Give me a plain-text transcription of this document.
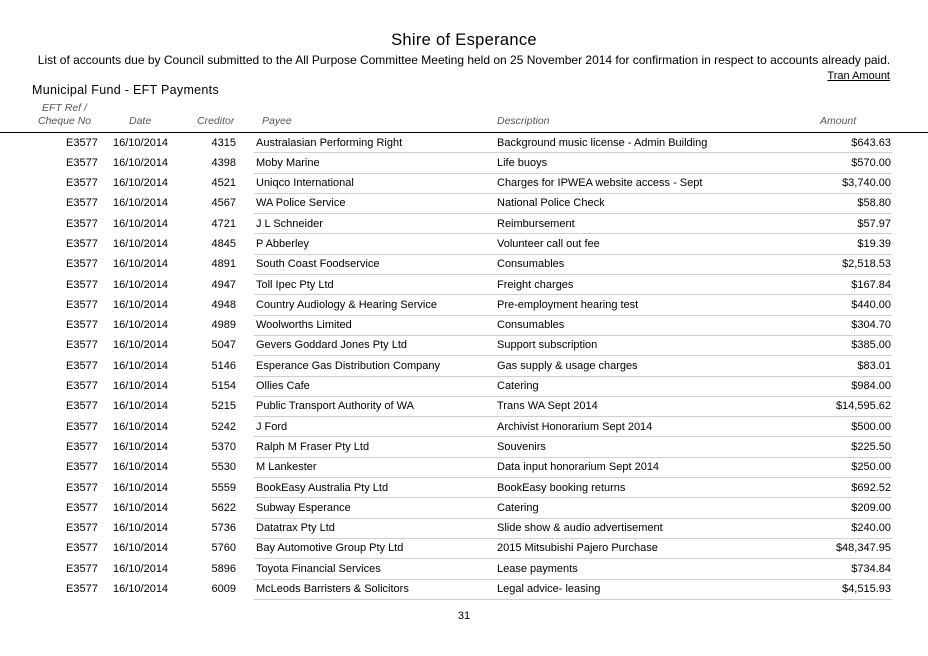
Shire of Esperance
List of accounts due by Council submitted to the All Purpose Committee Meeting held on 25 November 2014 for confirmation in respect to accounts already paid.
Tran Amount
Municipal Fund - EFT Payments
EFT Ref /
Cheque No	Date	Creditor	Payee	Description	Amount
E3577 16/10/2014	4315 Australasian Performing Right	Background music license - Admin Building	$643.63
E3577 16/10/2014	4398 Moby Marine	Life buoys	$570.00
E3577 16/10/2014	4521 Uniqco International	Charges for IPWEA website access - Sept	$3,740.00
E3577 16/10/2014	4567 WA Police Service	National Police Check	$58.80
E3577 16/10/2014	4721 J L Schneider	Reimbursement	$57.97
E3577 16/10/2014	4845 P Abberley	Volunteer call out fee	$19.39
E3577 16/10/2014	4891 South Coast Foodservice	Consumables	$2,518.53
E3577 16/10/2014	4947 Toll Ipec Pty Ltd	Freight charges	$167.84
E3577 16/10/2014	4948 Country Audiology & Hearing Service	Pre-employment hearing test	$440.00
E3577 16/10/2014	4989 Woolworths Limited	Consumables	$304.70
E3577 16/10/2014	5047 Gevers Goddard Jones Pty Ltd	Support subscription	$385.00
E3577 16/10/2014	5146 Esperance Gas Distribution Company	Gas supply & usage charges	$83.01
E3577 16/10/2014	5154 Ollies Cafe	Catering	$984.00
E3577 16/10/2014	5215 Public Transport Authority of WA	Trans WA Sept 2014	$14,595.62
E3577 16/10/2014	5242 J Ford	Archivist Honorarium Sept 2014	$500.00
E3577 16/10/2014	5370 Ralph M Fraser Pty Ltd	Souvenirs	$225.50
E3577 16/10/2014	5530 M Lankester	Data input honorarium Sept 2014	$250.00
E3577 16/10/2014	5559 BookEasy Australia Pty Ltd	BookEasy booking returns	$692.52
E3577 16/10/2014	5622 Subway Esperance	Catering	$209.00
E3577 16/10/2014	5736 Datatrax Pty Ltd	Slide show & audio advertisement	$240.00
E3577 16/10/2014	5760 Bay Automotive Group Pty Ltd	2015 Mitsubishi Pajero Purchase	$48,347.95
E3577 16/10/2014	5896 Toyota Financial Services	Lease payments	$734.84
E3577 16/10/2014	6009 McLeods Barristers & Solicitors	Legal advice- leasing	$4,515.93
31
